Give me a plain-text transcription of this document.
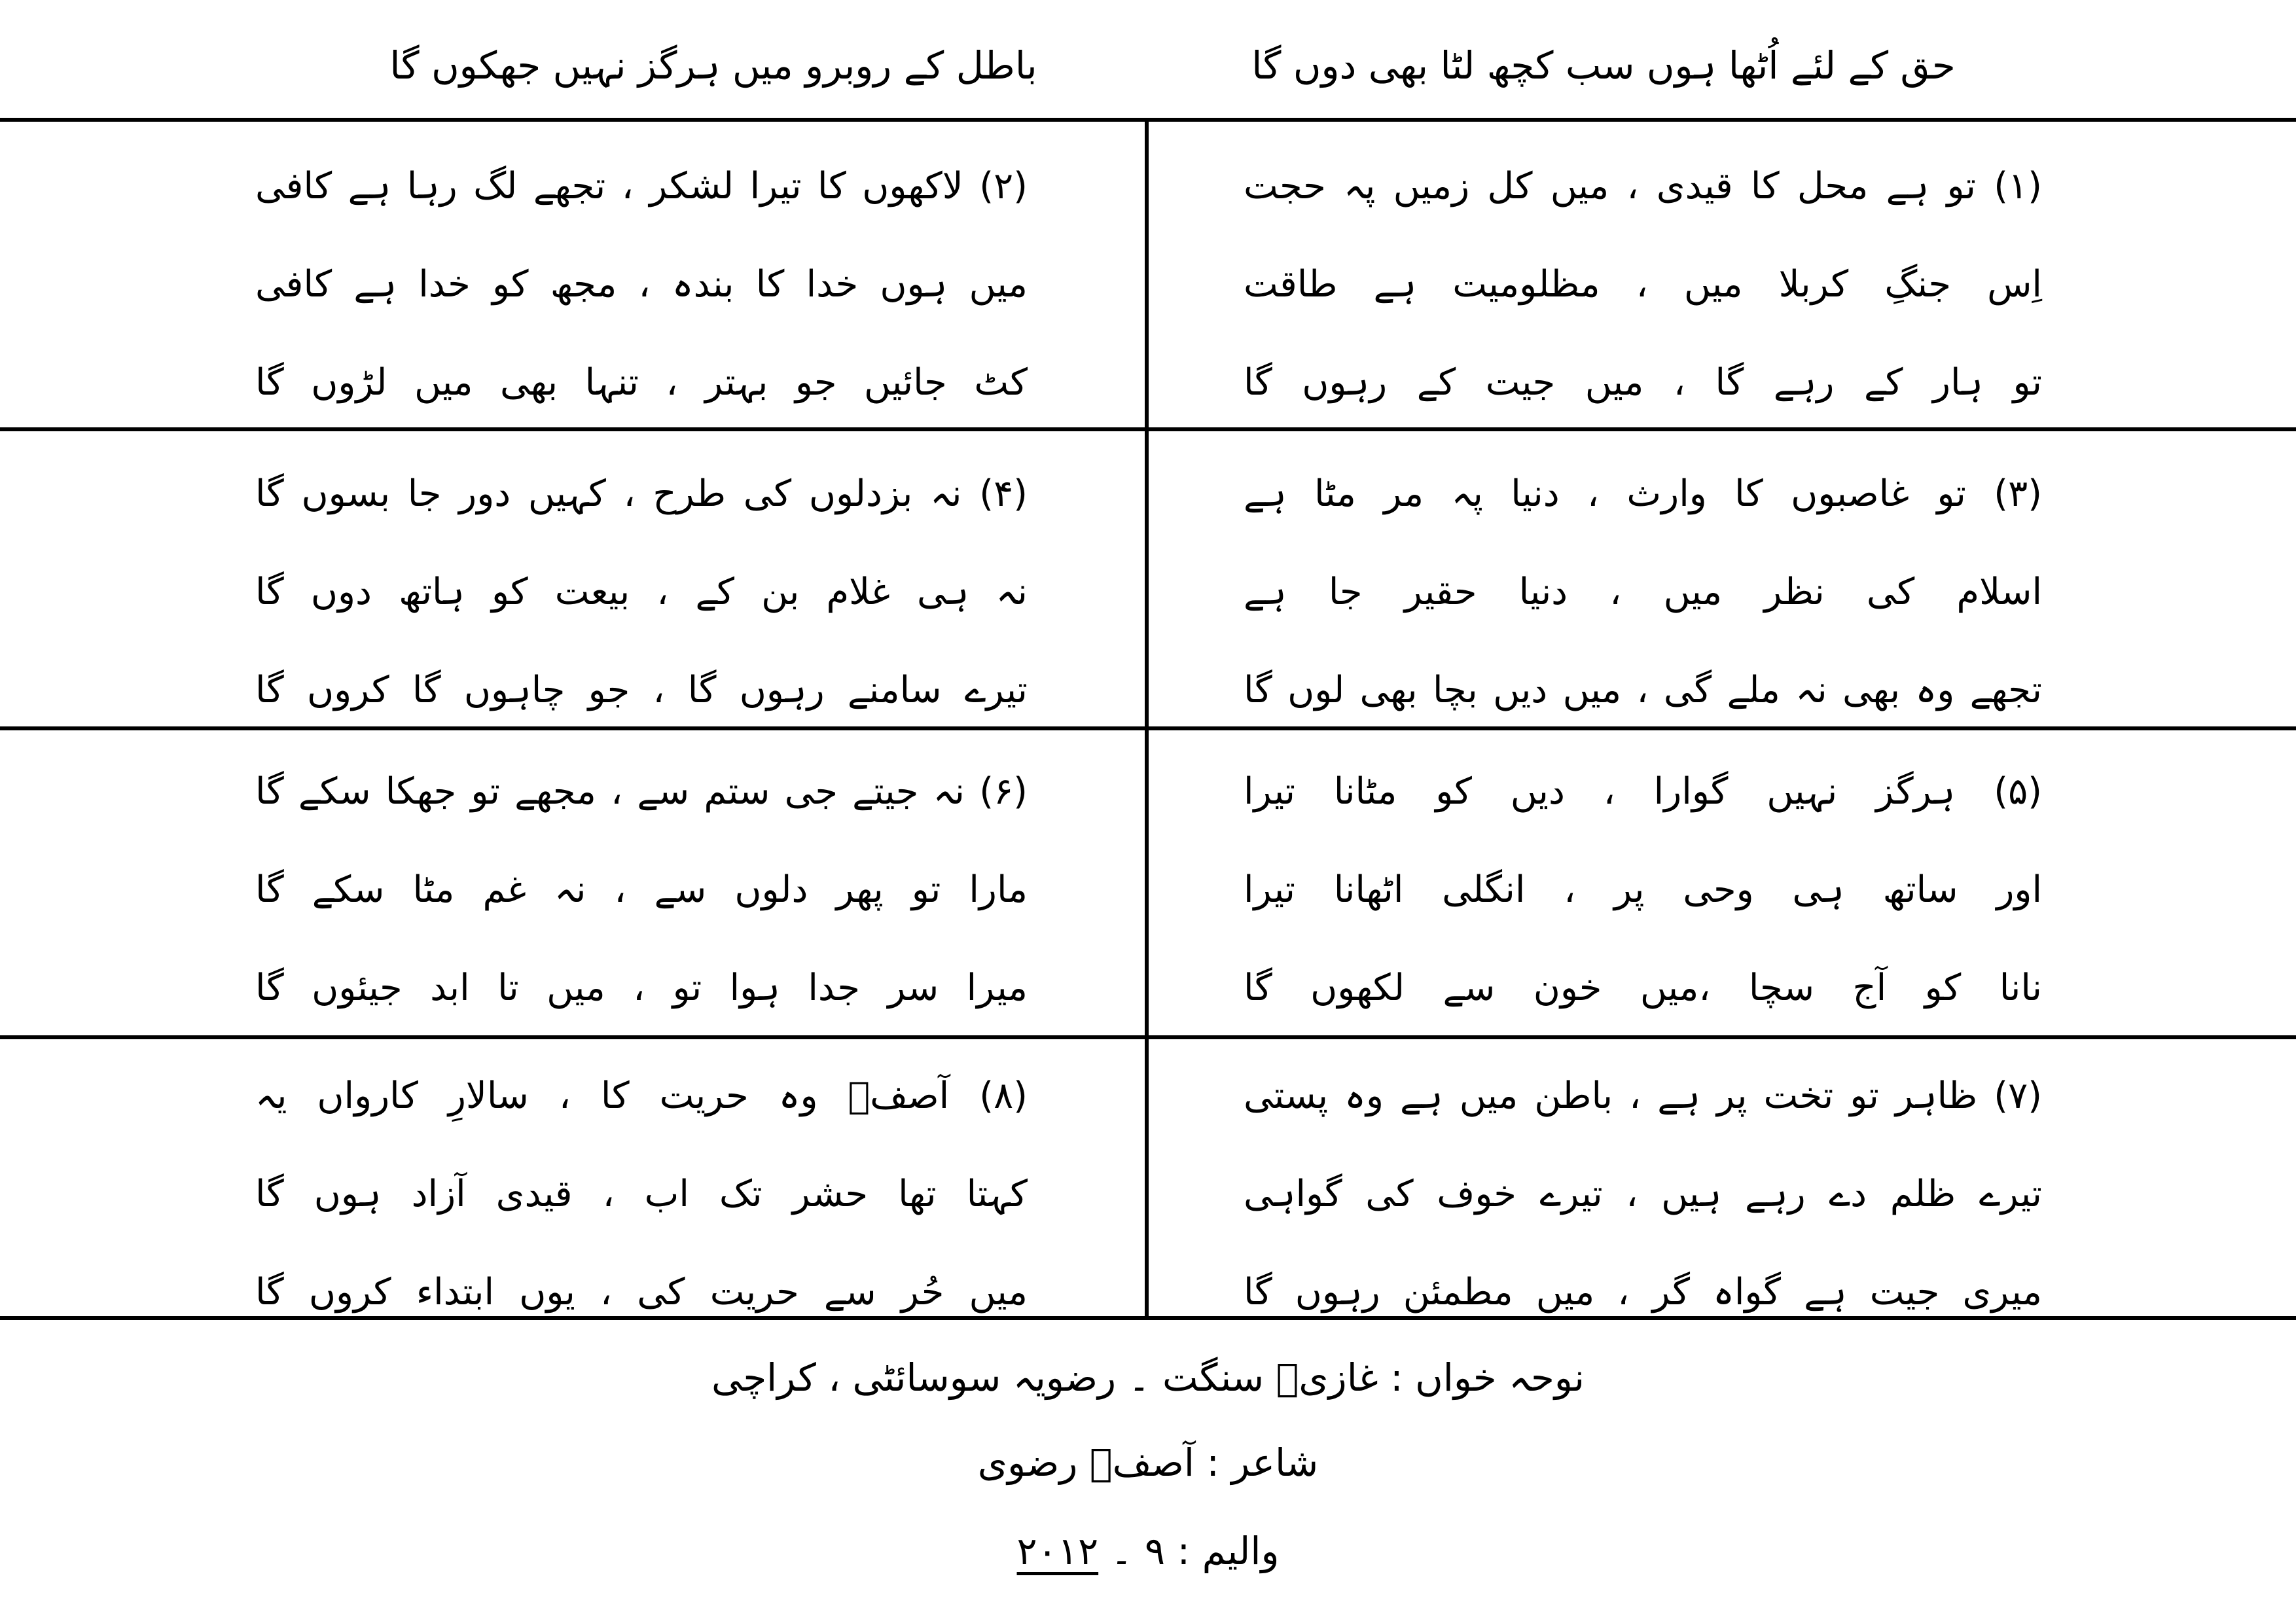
حق کے لئے اُٹھا ہوں سب کچھ لٹا بھی دوں گا
باطل کے روبرو میں ہرگز نہیں جھکوں گا
(۱) تو ہے محل کا قیدی ، میں کل زمیں پہ حجت
اِس جنگِ کربلا میں ، مظلومیت ہے طاقت
تو ہار کے رہے گا ، میں جیت کے رہوں گا
(۲) لاکھوں کا تیرا لشکر ، تجھے لگ رہا ہے کافی
میں ہوں خدا کا بندہ ، مجھ کو خدا ہے کافی
کٹ جائیں جو بہتر ، تنہا بھی میں لڑوں گا
(۳) تو غاصبوں کا وارث ، دنیا پہ مر مٹا ہے
اسلام کی نظر میں ، دنیا حقیر جا ہے
تجھے وہ بھی نہ ملے گی ، میں دیں بچا بھی لوں گا
(۴) نہ بزدلوں کی طرح ، کہیں دور جا بسوں گا
نہ ہی غلام بن کے ، بیعت کو ہاتھ دوں گا
تیرے سامنے رہوں گا ، جو چاہوں گا کروں گا
(۵) ہرگز نہیں گوارا ، دیں کو مٹانا تیرا
اور ساتھ ہی وحی پر ، انگلی اٹھانا تیرا
نانا کو آج سچا ،میں خون سے لکھوں گا
(۶) نہ جیتے جی ستم سے ، مجھے تو جھکا سکے گا
مارا تو پھر دلوں سے ، نہ غم مٹا سکے گا
میرا سر جدا ہوا تو ، میں تا ابد جیئوں گا
(۷) ظاہر تو تخت پر ہے ، باطن میں ہے وہ پستی
تیرے ظلم دے رہے ہیں ، تیرے خوف کی گواہی
میری جیت ہے گواہ گر ، میں مطمئن رہوں گا
(۸) آصفؔ وہ حریت کا ، سالارِ کارواں یہ
کہتا تھا حشر تک اب ، قیدی آزاد ہوں گا
میں حُر سے حریت کی ، یوں ابتداء کروں گا
نوحہ خواں : غازیؑ سنگت ۔ رضویہ سوسائٹی ، کراچی
شاعر : آصفؔ رضوی
والیم : ۹ ۔ ۲۰۱۲
